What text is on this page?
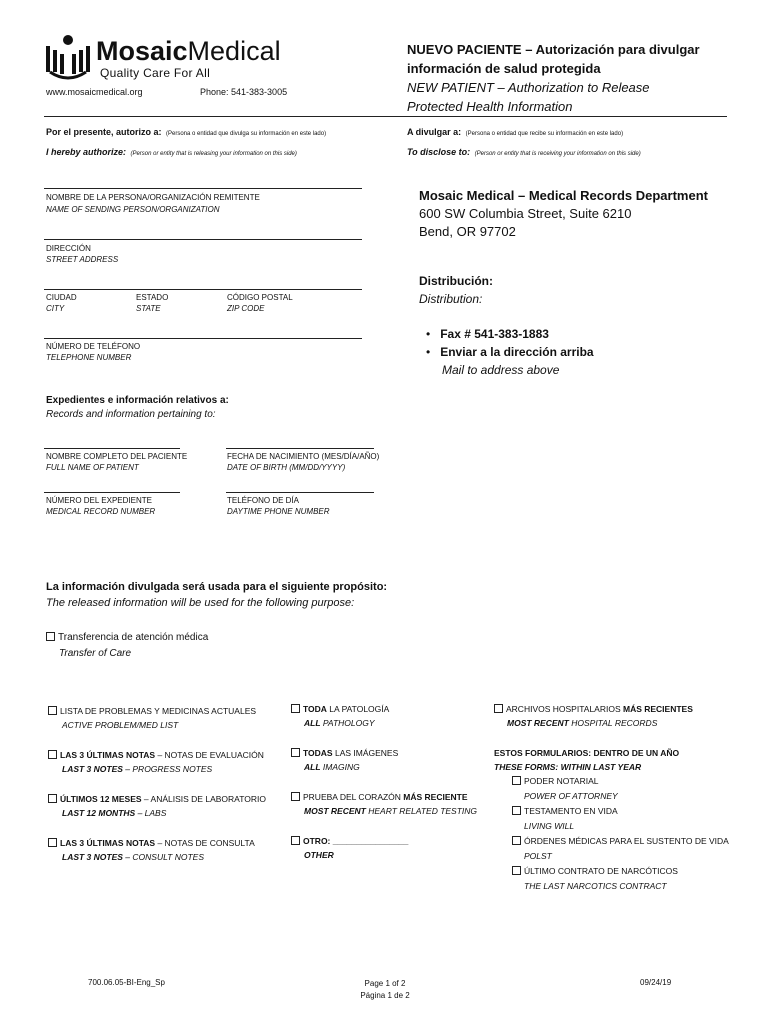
MosaicMedical
Quality Care For All
www.mosaicmedical.org	Phone: 541-383-3005
NUEVO PACIENTE – Autorización para divulgar
información de salud protegida
NEW PATIENT – Authorization to Release
Protected Health Information
Por el presente, autorizo a: (Persona o entidad que divulga su información en este lado)
I hereby authorize: (Person or entity that is releasing your information on this side)
A divulgar a: (Persona o entidad que recibe su información en este lado)
To disclose to: (Person or entity that is receiving your information on this side)
NOMBRE DE LA PERSONA/ORGANIZACIÓN REMITENTE
NAME OF SENDING PERSON/ORGANIZATION
DIRECCIÓN
STREET ADDRESS
CIUDAD
CITY
ESTADO
STATE
CÓDIGO POSTAL
ZIP CODE
NÚMERO DE TELÉFONO
TELEPHONE NUMBER
Mosaic Medical – Medical Records Department
600 SW Columbia Street, Suite 6210
Bend, OR 97702
Distribución:
Distribution:
•   Fax # 541-383-1883
•   Enviar a la dirección arriba
Mail to address above
Expedientes e información relativos a:
Records and information pertaining to:
NOMBRE COMPLETO DEL PACIENTE
FULL NAME OF PATIENT
FECHA DE NACIMIENTO (MES/DÍA/AÑO)
DATE OF BIRTH (MM/DD/YYYY)
NÚMERO DEL EXPEDIENTE
MEDICAL RECORD NUMBER
TELÉFONO DE DÍA
DAYTIME PHONE NUMBER
La información divulgada será usada para el siguiente propósito:
The released information will be used for the following purpose:
Transferencia de atención médica
Transfer of Care
LISTA DE PROBLEMAS Y MEDICINAS ACTUALES
ACTIVE PROBLEM/MED LIST
LAS 3 ÚLTIMAS NOTAS – NOTAS DE EVALUACIÓN
LAST 3 NOTES – PROGRESS NOTES
ÚLTIMOS 12 MESES – ANÁLISIS DE LABORATORIO
LAST 12 MONTHS – LABS
LAS 3 ÚLTIMAS NOTAS – NOTAS DE CONSULTA
LAST 3 NOTES – CONSULT NOTES
TODA LA PATOLOGÍA
ALL PATHOLOGY
TODAS LAS IMÁGENES
ALL IMAGING
PRUEBA DEL CORAZÓN MÁS RECIENTE
MOST RECENT HEART RELATED TESTING
OTRO: ________________
OTHER
ARCHIVOS HOSPITALARIOS MÁS RECIENTES
MOST RECENT HOSPITAL RECORDS
ESTOS FORMULARIOS: DENTRO DE UN AÑO
THESE FORMS: WITHIN LAST YEAR
PODER NOTARIAL
POWER OF ATTORNEY
TESTAMENTO EN VIDA
LIVING WILL
ÓRDENES MÉDICAS PARA EL SUSTENTO DE VIDA
POLST
ÚLTIMO CONTRATO DE NARCÓTICOS
THE LAST NARCOTICS CONTRACT
700.06.05-BI-Eng_Sp	Page 1 of 2
Página 1 de 2
09/24/19
